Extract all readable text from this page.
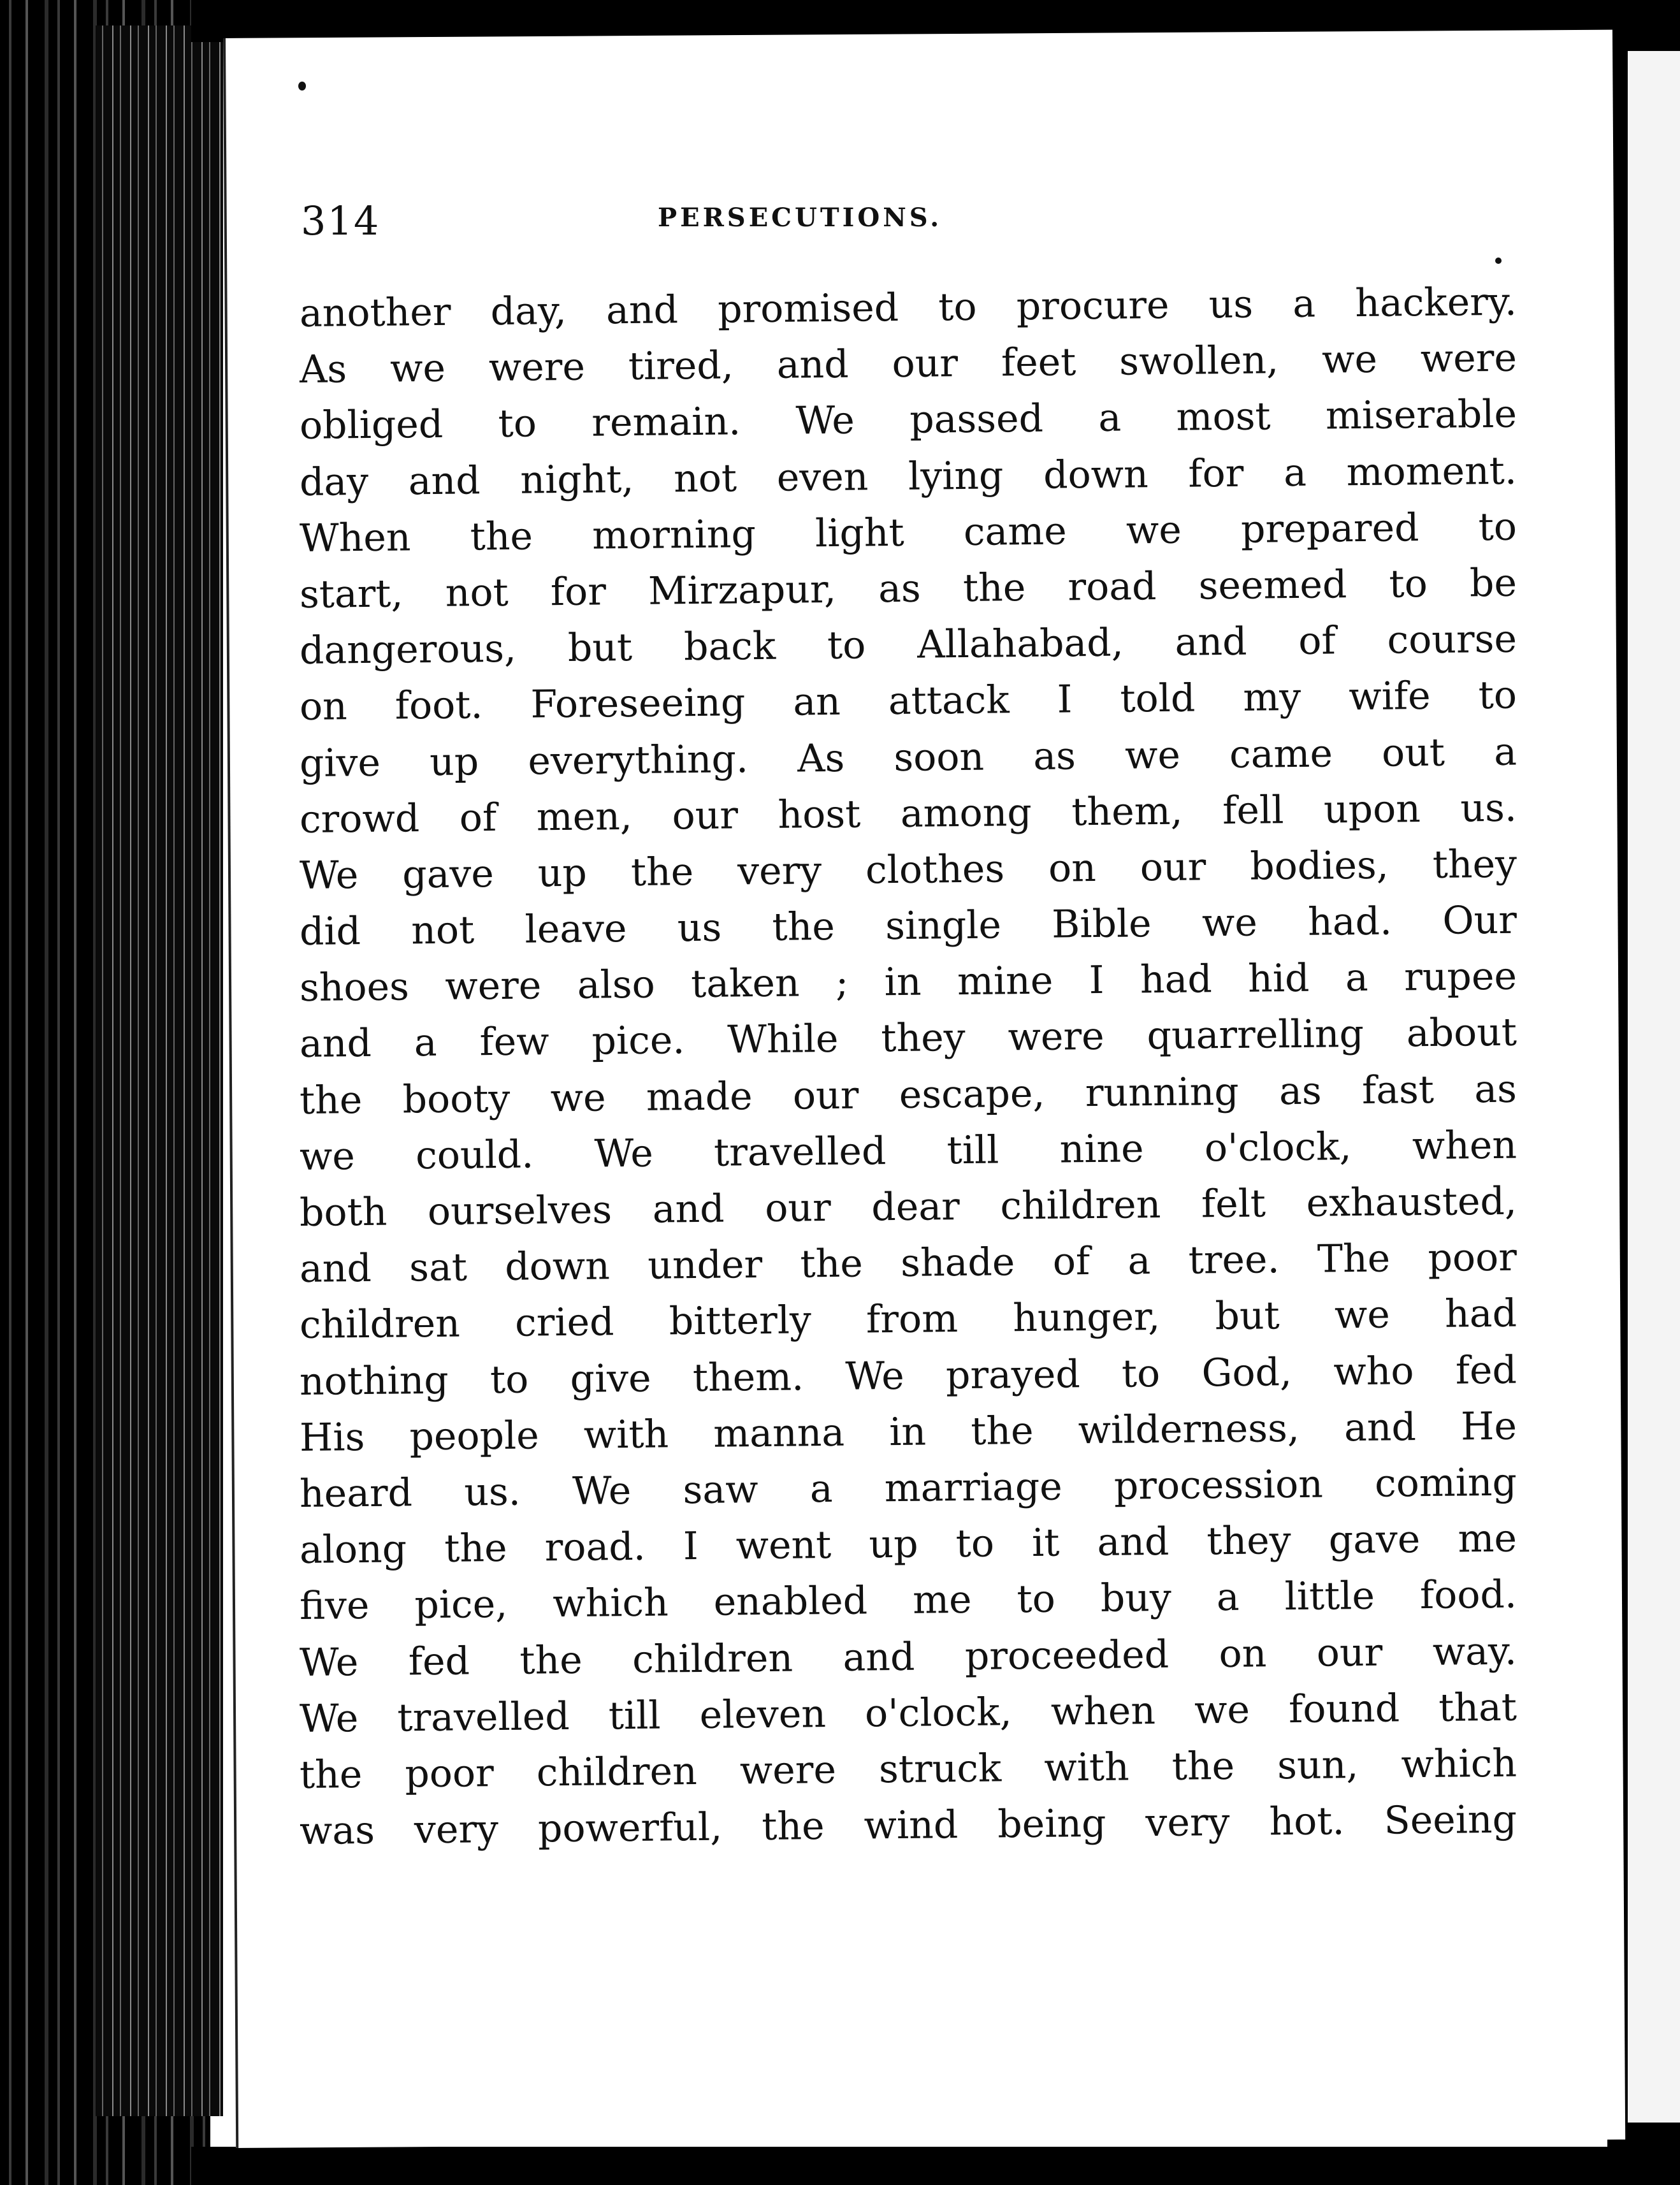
314	PERSECUTIONS.
another day, and promised to procure us a hackery.
As we were tired, and our feet swollen, we were
obliged to remain. We passed a most miserable
day and night, not even lying down for a moment.
When the morning light came we prepared to
start, not for Mirzapur, as the road seemed to be
dangerous, but back to Allahabad, and of course
on foot. Foreseeing an attack I told my wife to
give up everything. As soon as we came out a
crowd of men, our host among them, fell upon us.
We gave up the very clothes on our bodies, they
did not leave us the single Bible we had. Our
shoes were also taken ; in mine I had hid a rupee
and a few pice. While they were quarrelling about
the booty we made our escape, running as fast as
we could. We travelled till nine o'clock, when
both ourselves and our dear children felt exhausted,
and sat down under the shade of a tree. The poor
children cried bitterly from hunger, but we had
nothing to give them. We prayed to God, who fed
His people with manna in the wilderness, and He
heard us. We saw a marriage procession coming
along the road. I went up to it and they gave me
five pice, which enabled me to buy a little food.
We fed the children and proceeded on our way.
We travelled till eleven o'clock, when we found that
the poor children were struck with the sun, which
was very powerful, the wind being very hot. Seeing
